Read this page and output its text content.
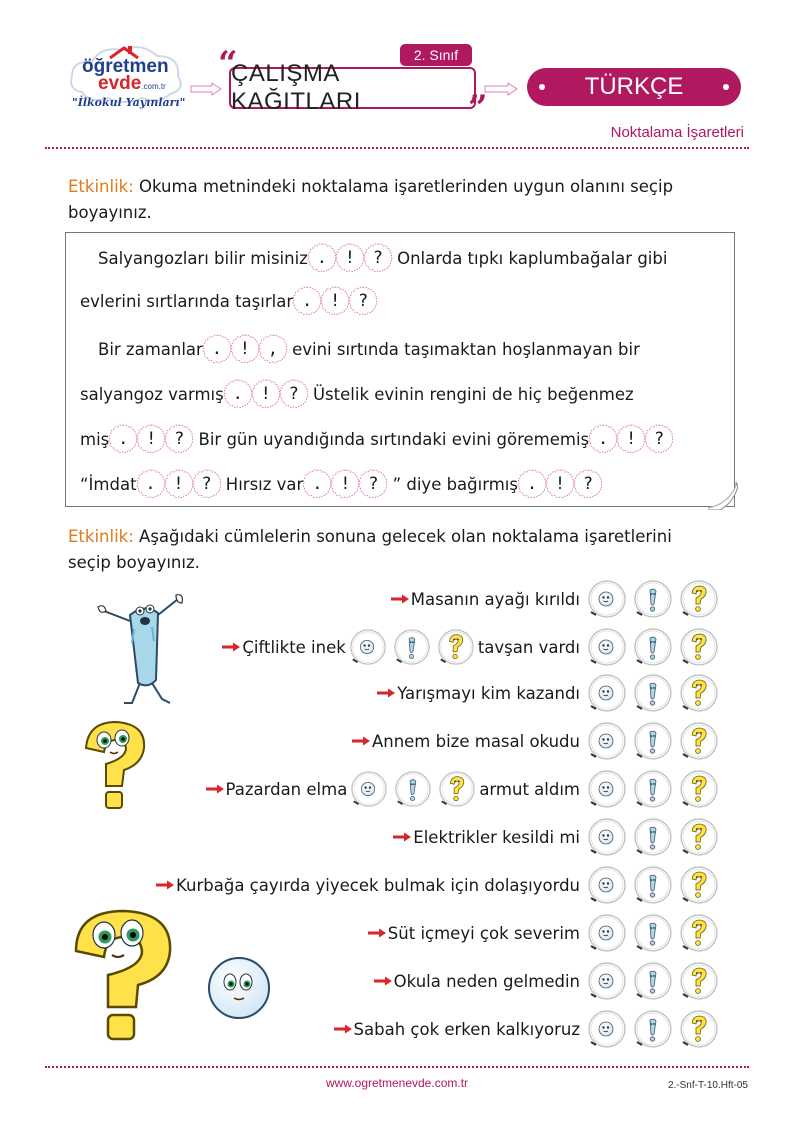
öğretmen
evde.com.tr
"İlkokul Yayınları"
“
ÇALIŞMA KAĞITLARI	”
2. Sınıf
TÜRKÇE
Noktalama İşaretleri
Etkinlik: Okuma metnindeki noktalama işaretlerinden uygun olanını seçip
boyayınız.
Salyangozları bilir misiniz . ! ? Onlarda tıpkı kaplumbağalar gibi
evlerini sırtlarında taşırlar . ! ?
Bir zamanlar . ! , evini sırtında taşımaktan hoşlanmayan bir
salyangoz varmış . ! ? Üstelik evinin rengini de hiç beğenmez
miş . ! ? Bir gün uyandığında sırtındaki evini görememiş . ! ?
“İmdat . ! ? Hırsız var . ! ? ” diye bağırmış . ! ?
Etkinlik: Aşağıdaki cümlelerin sonuna gelecek olan noktalama işaretlerini
seçip boyayınız.
Masanın ayağı kırıldı
Çiftlikte inek	tavşan vardı
Yarışmayı kim kazandı
Annem bize masal okudu
Pazardan elma	armut aldım
Elektrikler kesildi mi
Kurbağa çayırda yiyecek bulmak için dolaşıyordu
Süt içmeyi çok severim
Okula neden gelmedin
Sabah çok erken kalkıyoruz
www.ogretmenevde.com.tr	2.-Snf-T-10.Hft-05
